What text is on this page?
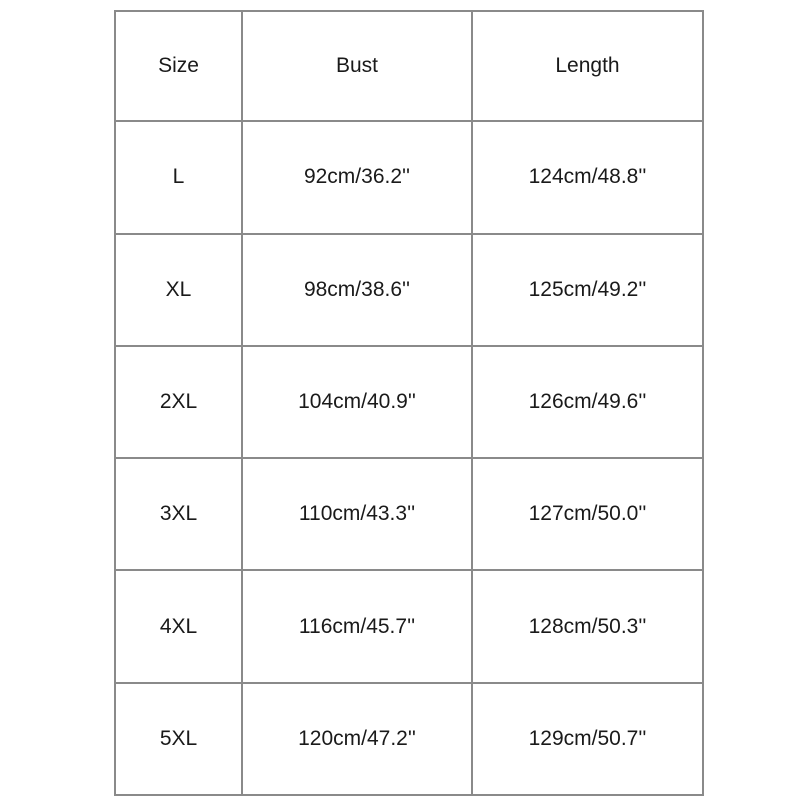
Size	Bust	Length
L	92cm/36.2''	124cm/48.8''
XL	98cm/38.6''	125cm/49.2''
2XL	104cm/40.9''	126cm/49.6''
3XL	110cm/43.3''	127cm/50.0''
4XL	116cm/45.7''	128cm/50.3''
5XL	120cm/47.2''	129cm/50.7''
